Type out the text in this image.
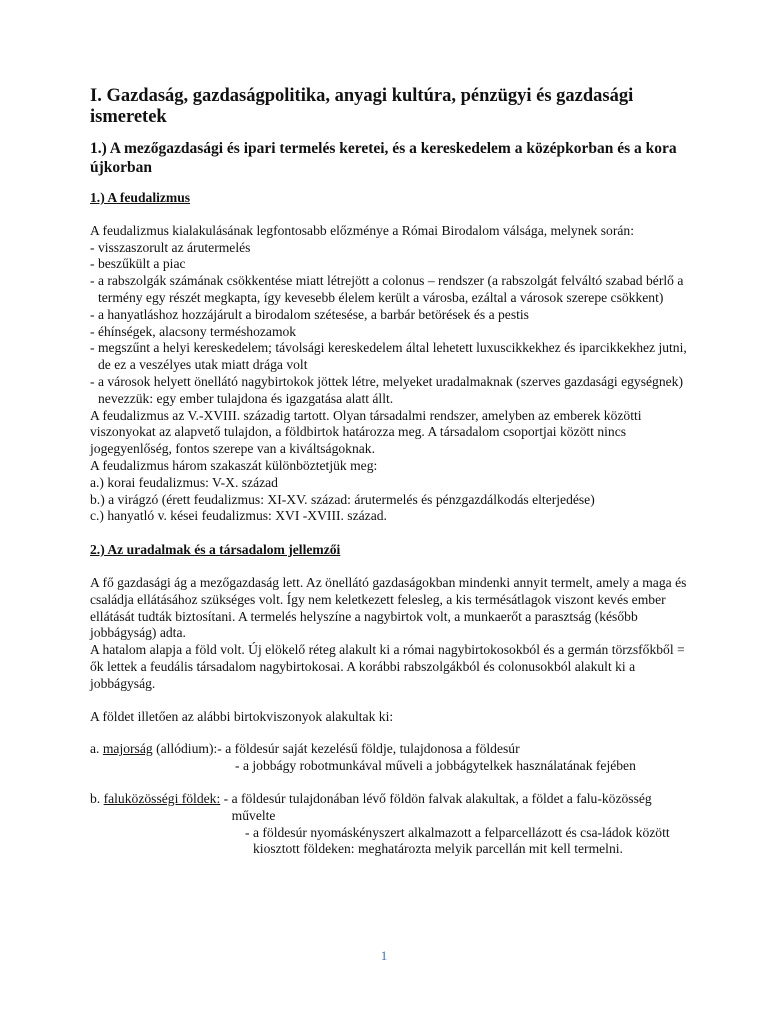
I. Gazdaság, gazdaságpolitika, anyagi kultúra, pénzügyi és gazdasági ismeretek
1.) A mezőgazdasági és ipari termelés keretei, és a kereskedelem a középkorban és a kora újkorban
1.) A feudalizmus

A feudalizmus kialakulásának legfontosabb előzménye a Római Birodalom válsága, melynek során:

- visszaszorult az árutermelés
- beszűkült a piac
- a rabszolgák számának csökkentése miatt létrejött a colonus – rendszer (a rabszolgát felváltó szabad bérlő a termény egy részét megkapta, így kevesebb élelem került a városba, ezáltal a városok szerepe csökkent)
- a hanyatláshoz hozzájárult a birodalom szétesése, a barbár betörések és a pestis
- éhínségek, alacsony terméshozamok
- megszűnt a helyi kereskedelem; távolsági kereskedelem által lehetett luxuscikkekhez és iparcikkekhez jutni, de ez a veszélyes utak miatt drága volt
- a városok helyett önellátó nagybirtokok jöttek létre, melyeket uradalmaknak (szerves gazdasági egységnek) nevezzük: egy ember tulajdona és igazgatása alatt állt.

A feudalizmus az V.-XVIII. századig tartott. Olyan társadalmi rendszer, amelyben az emberek közötti viszonyokat az alapvető tulajdon, a földbirtok határozza meg. A társadalom csoportjai között nincs jogegyenlőség, fontos szerepe van a kiváltságoknak.

A feudalizmus három szakaszát különböztetjük meg:

a.) korai feudalizmus: V-X. század

b.) a virágzó (érett feudalizmus: XI-XV. század: árutermelés és pénzgazdálkodás elterjedése)

c.) hanyatló v. kései feudalizmus: XVI -XVIII. század.

2.) Az uradalmak és a társadalom jellemzői

A fő gazdasági ág a mezőgazdaság lett. Az önellátó gazdaságokban mindenki annyit termelt, amely a maga és családja ellátásához szükséges volt. Így nem keletkezett felesleg, a kis termésátlagok viszont kevés ember ellátását tudták biztosítani. A termelés helyszíne a nagybirtok volt, a munkaerőt a parasztság (később jobbágyság) adta.

A hatalom alapja a föld volt. Új elökelő réteg alakult ki a római nagybirtokosokból és a germán törzsfőkből = ők lettek a feudális társadalom nagybirtokosai. A korábbi rabszolgákból és colonusokból alakult ki a jobbágyság.

A földet illetően az alábbi birtokviszonyok alakultak ki:

a. majorság (allódium): - a földesúr saját kezelésű földje, tulajdonosa a földesúr
- a jobbágy robotmunkával műveli a jobbágytelkek használatának fejében
b. faluközösségi földek: - a földesúr tulajdonában lévő földön falvak alakultak, a földet a falu-közösség művelte
- a földesúr nyomáskényszert alkalmazott a felparcellázott és csa-ládok között kiosztott földeken: meghatározta melyik parcellán mit kell termelni.
1
